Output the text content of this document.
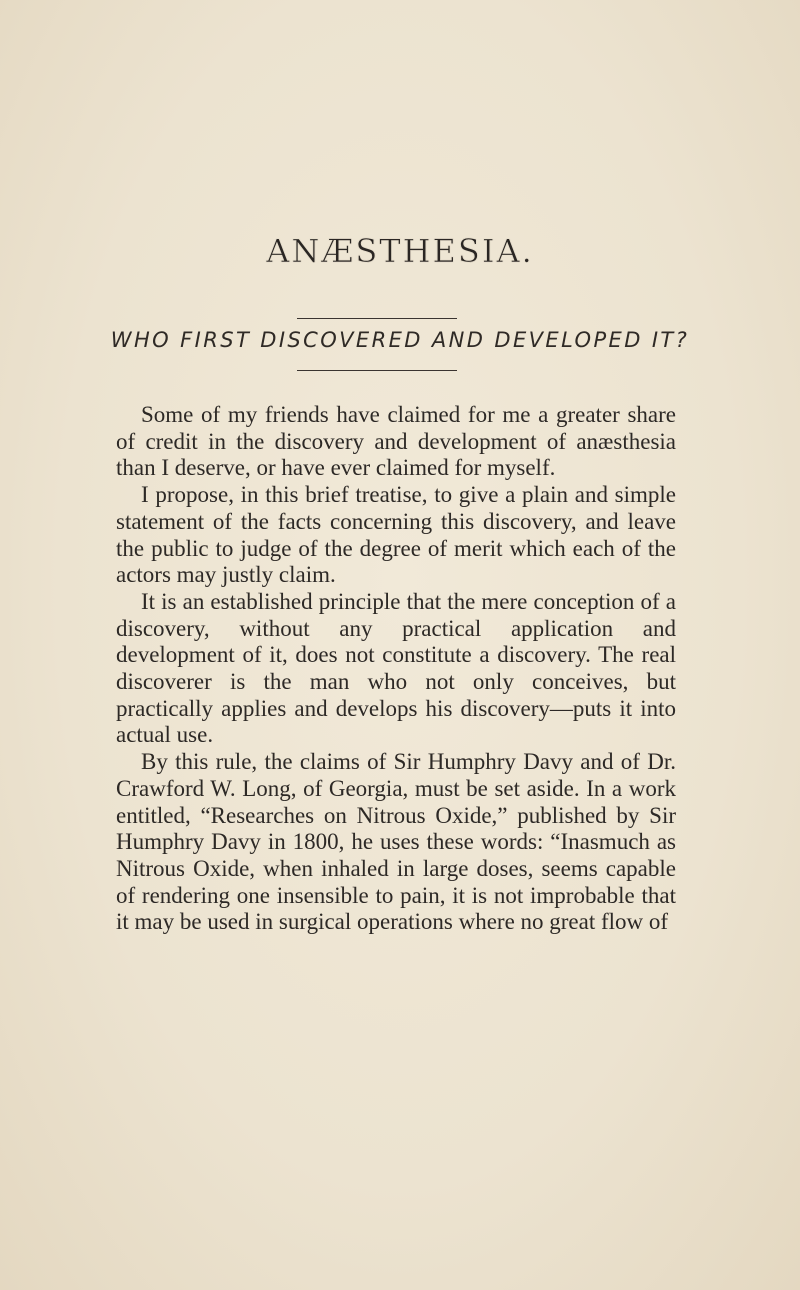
ANÆSTHESIA.
WHO FIRST DISCOVERED AND DEVELOPED IT?

Some of my friends have claimed for me a greater share of credit in the discovery and development of anæsthesia than I deserve, or have ever claimed for myself.

I propose, in this brief treatise, to give a plain and simple statement of the facts concerning this discovery, and leave the public to judge of the degree of merit which each of the actors may justly claim.

It is an established principle that the mere conception of a discovery, without any practical application and development of it, does not constitute a discovery. The real discoverer is the man who not only conceives, but practically applies and develops his discovery—puts it into actual use.

By this rule, the claims of Sir Humphry Davy and of Dr. Crawford W. Long, of Georgia, must be set aside. In a work entitled, “Researches on Nitrous Oxide,” published by Sir Humphry Davy in 1800, he uses these words: “Inasmuch as Nitrous Oxide, when inhaled in large doses, seems capable of rendering one insensible to pain, it is not improbable that it may be used in surgical operations where no great flow of
